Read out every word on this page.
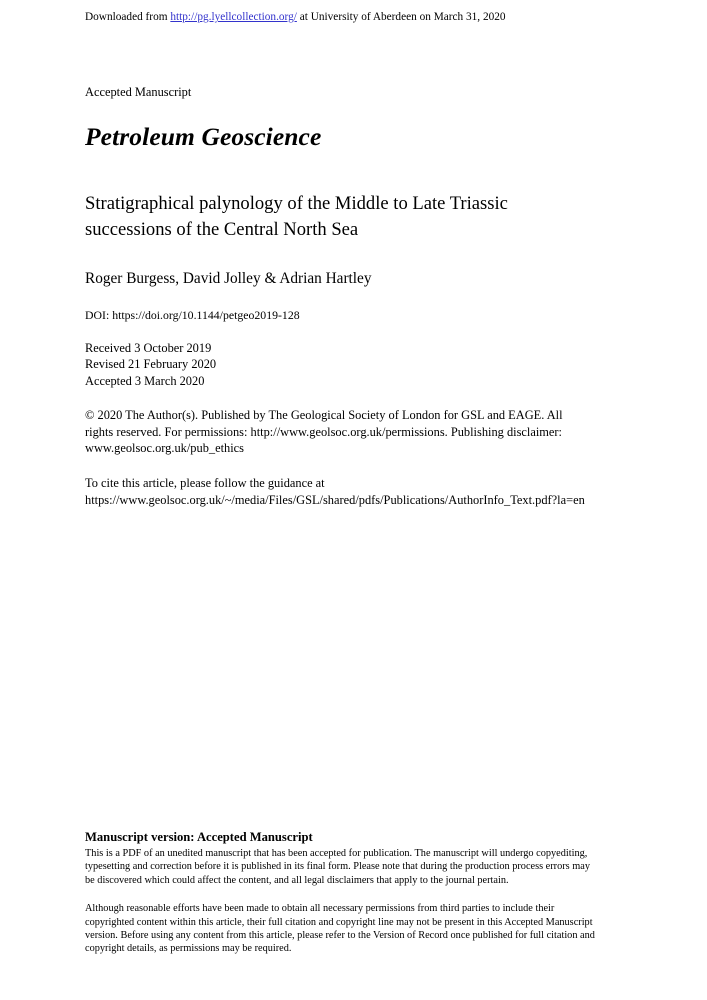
Downloaded from http://pg.lyellcollection.org/ at University of Aberdeen on March 31, 2020

Accepted Manuscript

Petroleum Geoscience
Stratigraphical palynology of the Middle to Late Triassic
successions of the Central North Sea

Roger Burgess, David Jolley & Adrian Hartley

DOI: https://doi.org/10.1144/petgeo2019-128

Received 3 October 2019
Revised 21 February 2020
Accepted 3 March 2020
© 2020 The Author(s). Published by The Geological Society of London for GSL and EAGE. All
rights reserved. For permissions: http://www.geolsoc.org.uk/permissions. Publishing disclaimer:
www.geolsoc.org.uk/pub_ethics
To cite this article, please follow the guidance at
https://www.geolsoc.org.uk/~/media/Files/GSL/shared/pdfs/Publications/AuthorInfo_Text.pdf?la=en

Manuscript version: Accepted Manuscript

This is a PDF of an unedited manuscript that has been accepted for publication. The manuscript will undergo copyediting,
typesetting and correction before it is published in its final form. Please note that during the production process errors may
be discovered which could affect the content, and all legal disclaimers that apply to the journal pertain.

Although reasonable efforts have been made to obtain all necessary permissions from third parties to include their
copyrighted content within this article, their full citation and copyright line may not be present in this Accepted Manuscript
version. Before using any content from this article, please refer to the Version of Record once published for full citation and
copyright details, as permissions may be required.
